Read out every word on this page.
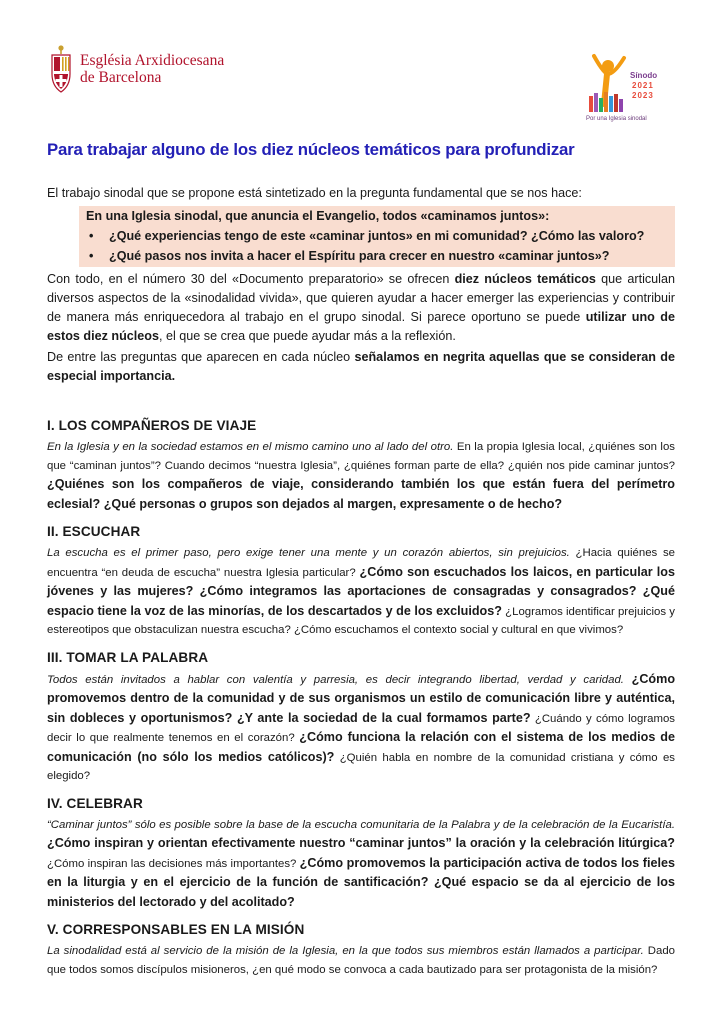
Església Arxidiocesana
de Barcelona	Sínodo
2021
2023
Por una Iglesia sinodal
Para trabajar alguno de los diez núcleos temáticos para profundizar

El trabajo sinodal que se propone está sintetizado en la pregunta fundamental que se nos hace:

En una Iglesia sinodal, que anuncia el Evangelio, todos «caminamos juntos»:
•	¿Qué experiencias tengo de este «caminar juntos» en mi comunidad? ¿Cómo las valoro?
•	¿Qué pasos nos invita a hacer el Espíritu para crecer en nuestro «caminar juntos»?

Con todo, en el número 30 del «Documento preparatorio» se ofrecen diez núcleos temáticos que articulan diversos aspectos de la «sinodalidad vivida», que quieren ayudar a hacer emerger las experiencias y contribuir de manera más enriquecedora al trabajo en el grupo sinodal. Si parece oportuno se puede utilizar uno de estos diez núcleos, el que se crea que puede ayudar más a la reflexión.

De entre las preguntas que aparecen en cada núcleo señalamos en negrita aquellas que se consideran de especial importancia.

I. LOS COMPAÑEROS DE VIAJE

En la Iglesia y en la sociedad estamos en el mismo camino uno al lado del otro. En la propia Iglesia local, ¿quiénes son los que “caminan juntos”? Cuando decimos “nuestra Iglesia”, ¿quiénes forman parte de ella? ¿quién nos pide caminar juntos? ¿Quiénes son los compañeros de viaje, considerando también los que están fuera del perímetro eclesial? ¿Qué personas o grupos son dejados al margen, expresamente o de hecho?

II. ESCUCHAR

La escucha es el primer paso, pero exige tener una mente y un corazón abiertos, sin prejuicios. ¿Hacia quiénes se encuentra “en deuda de escucha” nuestra Iglesia particular? ¿Cómo son escuchados los laicos, en particular los jóvenes y las mujeres? ¿Cómo integramos las aportaciones de consagradas y consagrados? ¿Qué espacio tiene la voz de las minorías, de los descartados y de los excluidos? ¿Logramos identificar prejuicios y estereotipos que obstaculizan nuestra escucha? ¿Cómo escuchamos el contexto social y cultural en que vivimos?

III. TOMAR LA PALABRA

Todos están invitados a hablar con valentía y parresia, es decir integrando libertad, verdad y caridad. ¿Cómo promovemos dentro de la comunidad y de sus organismos un estilo de comunicación libre y auténtica, sin dobleces y oportunismos? ¿Y ante la sociedad de la cual formamos parte? ¿Cuándo y cómo logramos decir lo que realmente tenemos en el corazón? ¿Cómo funciona la relación con el sistema de los medios de comunicación (no sólo los medios católicos)? ¿Quién habla en nombre de la comunidad cristiana y cómo es elegido?

IV. CELEBRAR

“Caminar juntos” sólo es posible sobre la base de la escucha comunitaria de la Palabra y de la celebración de la Eucaristía. ¿Cómo inspiran y orientan efectivamente nuestro “caminar juntos” la oración y la celebración litúrgica? ¿Cómo inspiran las decisiones más importantes? ¿Cómo promovemos la participación activa de todos los fieles en la liturgia y en el ejercicio de la función de santificación? ¿Qué espacio se da al ejercicio de los ministerios del lectorado y del acolitado?

V. CORRESPONSABLES EN LA MISIÓN

La sinodalidad está al servicio de la misión de la Iglesia, en la que todos sus miembros están llamados a participar. Dado que todos somos discípulos misioneros, ¿en qué modo se convoca a cada bautizado para ser protagonista de la misión?
